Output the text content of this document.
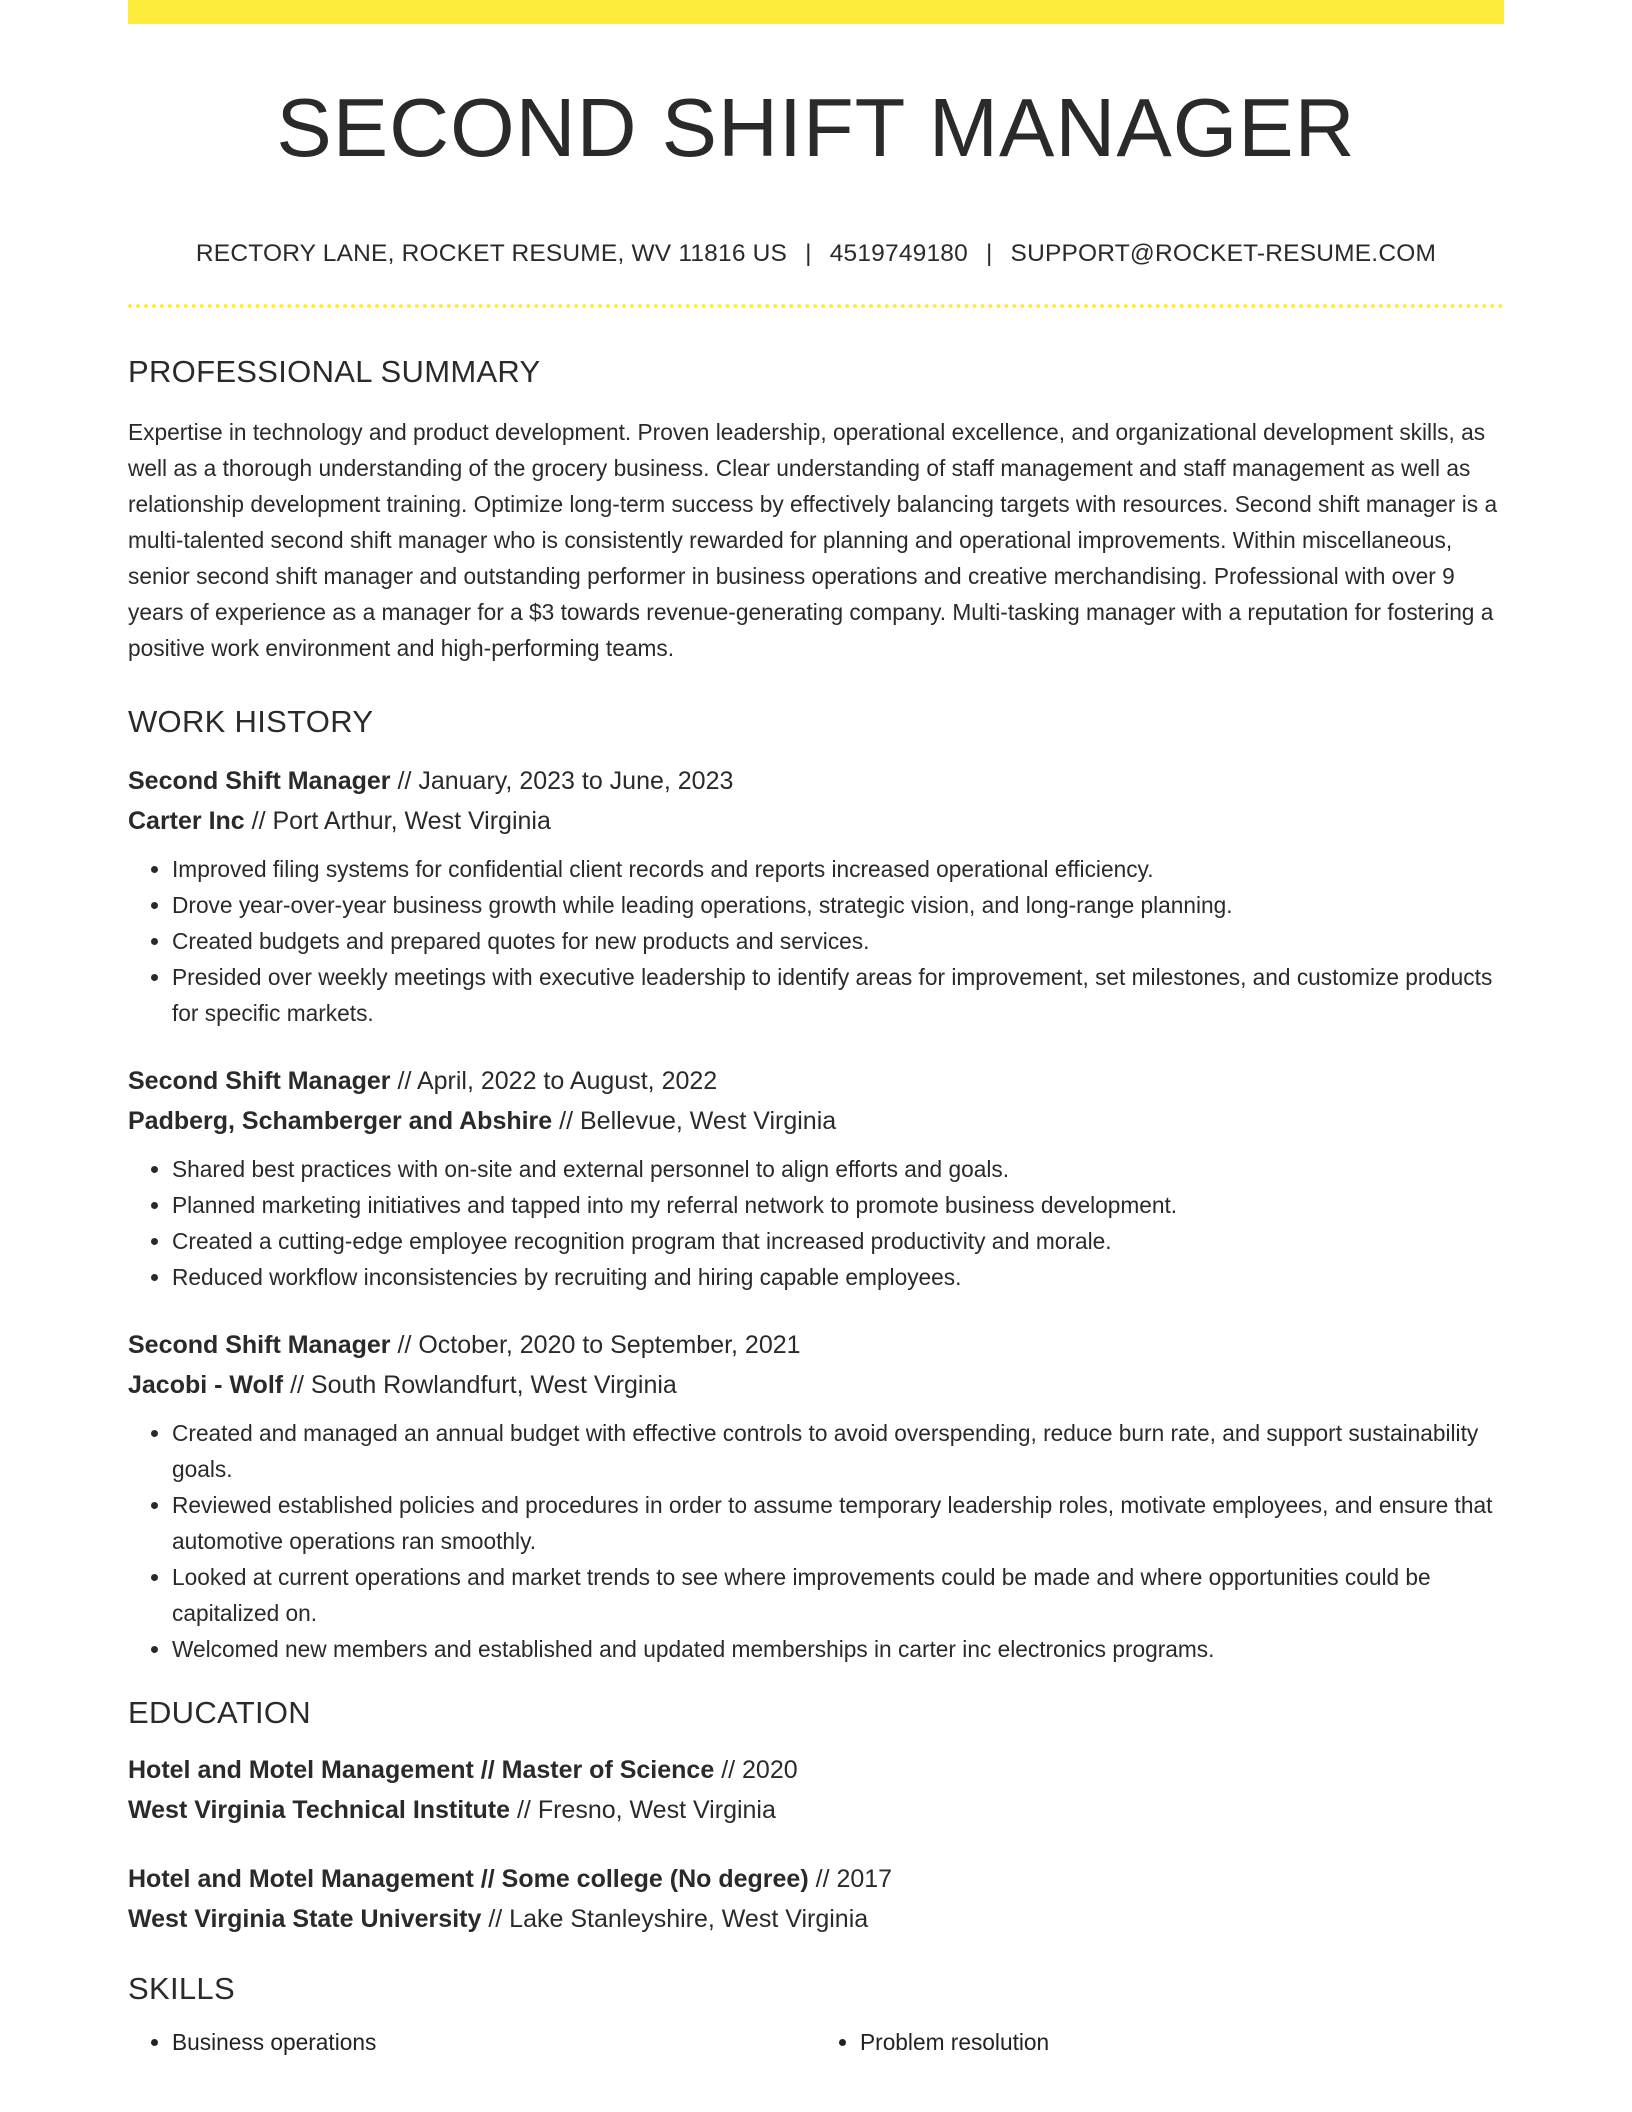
SECOND SHIFT MANAGER
RECTORY LANE, ROCKET RESUME, WV 11816 US | 4519749180 | SUPPORT@ROCKET-RESUME.COM
PROFESSIONAL SUMMARY
Expertise in technology and product development. Proven leadership, operational excellence, and organizational development skills, as well as a thorough understanding of the grocery business. Clear understanding of staff management and staff management as well as relationship development training. Optimize long-term success by effectively balancing targets with resources. Second shift manager is a multi-talented second shift manager who is consistently rewarded for planning and operational improvements. Within miscellaneous, senior second shift manager and outstanding performer in business operations and creative merchandising. Professional with over 9 years of experience as a manager for a $3 towards revenue-generating company. Multi-tasking manager with a reputation for fostering a positive work environment and high-performing teams.
WORK HISTORY
Second Shift Manager // January, 2023 to June, 2023
Carter Inc // Port Arthur, West Virginia
• Improved filing systems for confidential client records and reports increased operational efficiency.
• Drove year-over-year business growth while leading operations, strategic vision, and long-range planning.
• Created budgets and prepared quotes for new products and services.
• Presided over weekly meetings with executive leadership to identify areas for improvement, set milestones, and customize products for specific markets.
Second Shift Manager // April, 2022 to August, 2022
Padberg, Schamberger and Abshire // Bellevue, West Virginia
• Shared best practices with on-site and external personnel to align efforts and goals.
• Planned marketing initiatives and tapped into my referral network to promote business development.
• Created a cutting-edge employee recognition program that increased productivity and morale.
• Reduced workflow inconsistencies by recruiting and hiring capable employees.
Second Shift Manager // October, 2020 to September, 2021
Jacobi - Wolf // South Rowlandfurt, West Virginia
• Created and managed an annual budget with effective controls to avoid overspending, reduce burn rate, and support sustainability goals.
• Reviewed established policies and procedures in order to assume temporary leadership roles, motivate employees, and ensure that automotive operations ran smoothly.
• Looked at current operations and market trends to see where improvements could be made and where opportunities could be capitalized on.
• Welcomed new members and established and updated memberships in carter inc electronics programs.
EDUCATION
Hotel and Motel Management // Master of Science // 2020
West Virginia Technical Institute // Fresno, West Virginia
Hotel and Motel Management // Some college (No degree) // 2017
West Virginia State University // Lake Stanleyshire, West Virginia
SKILLS
• Business operations
•	Problem resolution
